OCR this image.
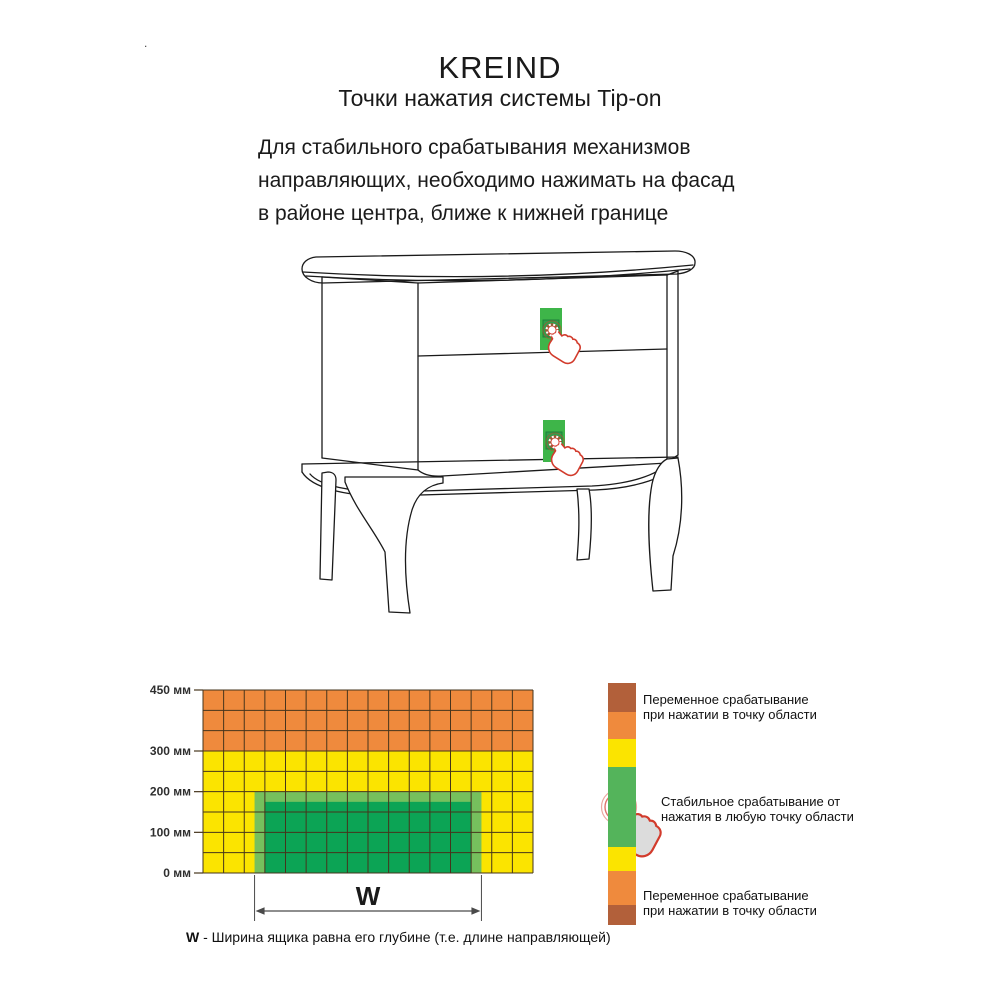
.
KREIND
Точки нажатия системы Tip-on
Для стабильного срабатывания механизмов
направляющих, необходимо нажимать на фасад
в районе центра, ближе к нижней границе
450 мм
300 мм
200 мм
100 мм
0 мм
W
Переменное срабатывание
при нажатии в точку области
Стабильное срабатывание от
нажатия в любую точку области
Переменное срабатывание
при нажатии в точку области
W - Ширина ящика равна его глубине (т.е. длине направляющей)
